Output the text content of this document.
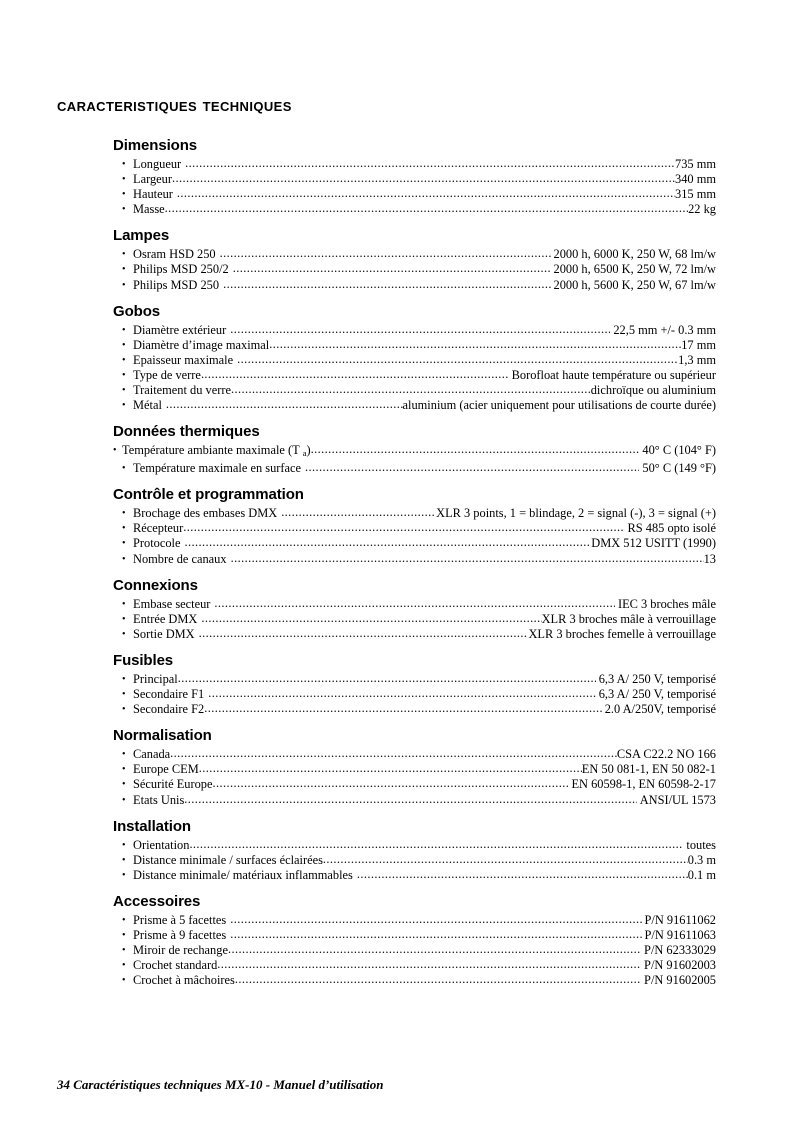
caracteristiques techniques
Dimensions
• Longueur .....	735 mm
• Largeur .....	340 mm
• Hauteur .....	315 mm
• Masse .....	22 kg
Lampes
• Osram HSD 250 .....	2000 h, 6000 K, 250 W, 68 lm/w
• Philips MSD 250/2 .....	2000 h, 6500 K, 250 W, 72 lm/w
• Philips MSD 250 .....	2000 h, 5600 K, 250 W, 67 lm/w
Gobos
• Diamètre extérieur .....	22,5 mm +/- 0.3 mm
• Diamètre d’image maximal .....	17 mm
• Epaisseur maximale .....	1,3 mm
• Type de verre .....	Borofloat haute température ou supérieur
• Traitement du verre .....	dichroïque ou aluminium
• Métal .....	aluminium (acier uniquement pour utilisations de courte durée)
Données thermiques
• Température ambiante maximale (T $_a$) .....	40° C (104° F)
• Température maximale en surface .....	50° C (149 °F)
Contrôle et programmation
• Brochage des embases DMX .....	XLR 3 points, 1 = blindage, 2 = signal (-), 3 = signal (+)
• Récepteur .....	RS 485 opto isolé
• Protocole .....	DMX 512 USITT (1990)
• Nombre de canaux .....	13
Connexions
• Embase secteur .....	IEC 3 broches mâle
• Entrée DMX .....	XLR 3 broches mâle à verrouillage
• Sortie DMX .....	XLR 3 broches femelle à verrouillage
Fusibles
• Principal .....	6,3 A/ 250 V, temporisé
• Secondaire F1 .....	6,3 A/ 250 V, temporisé
• Secondaire F2 .....	2.0 A/250V, temporisé
Normalisation
• Canada .....	CSA C22.2 NO 166
• Europe CEM .....	EN 50 081-1, EN 50 082-1
• Sécurité Europe .....	EN 60598-1, EN 60598-2-17
• Etats Unis .....	ANSI/UL 1573
Installation
• Orientation .....	toutes
• Distance minimale / surfaces éclairées .....	0.3 m
• Distance minimale/ matériaux inflammables .....	0.1 m
Accessoires
• Prisme à 5 facettes .....	P/N 91611062
• Prisme à 9 facettes .....	P/N 91611063
• Miroir de rechange .....	P/N 62333029
• Crochet standard .....	P/N 91602003
• Crochet à mâchoires .....	P/N 91602005
34 Caractéristiques techniques MX-10 - Manuel d’utilisation
